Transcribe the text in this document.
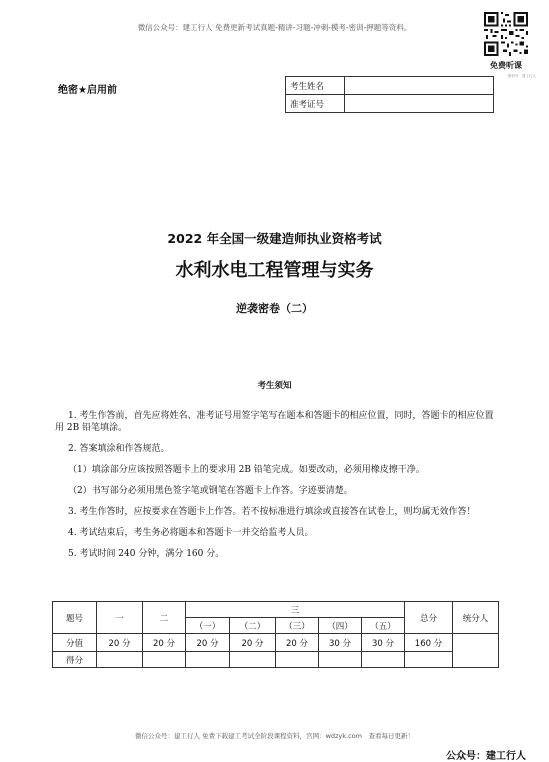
微信公众号：建工行人 免费更新考试真题-精讲-习题-冲刺-模考-密训-押题等资料。
免费听课
微信号：建工行人
绝密★启用前	考生姓名	
准考证号	
2022 年全国一级建造师执业资格考试
水利水电工程管理与实务
逆袭密卷（二）
考生须知

1. 考生作答前，首先应将姓名、准考证号用签字笔写在题本和答题卡的相应位置，同时，答题卡的相应位置用 2B 铅笔填涂。

2. 答案填涂和作答规范。

（1）填涂部分应该按照答题卡上的要求用 2B 铅笔完成。如要改动，必须用橡皮擦干净。

（2）书写部分必须用黑色签字笔或钢笔在答题卡上作答。字迹要清楚。

3. 考生作答时，应按要求在答题卡上作答。若不按标准进行填涂或直接答在试卷上，则均属无效作答！

4. 考试结束后，考生务必将题本和答题卡一并交给监考人员。

5. 考试时间 240 分钟，满分 160 分。

题号	一	二	三					总分	统分人
			（一）	（二）	（三）	（四）	（五）		
分值	20 分	20 分	20 分	20 分	20 分	30 分	30 分	160 分	
得分									
微信公众号：建工行人 免费下载建工考试全阶段课程资料，官网：wdzyk.com　查看每日更新！
公众号：建工行人
